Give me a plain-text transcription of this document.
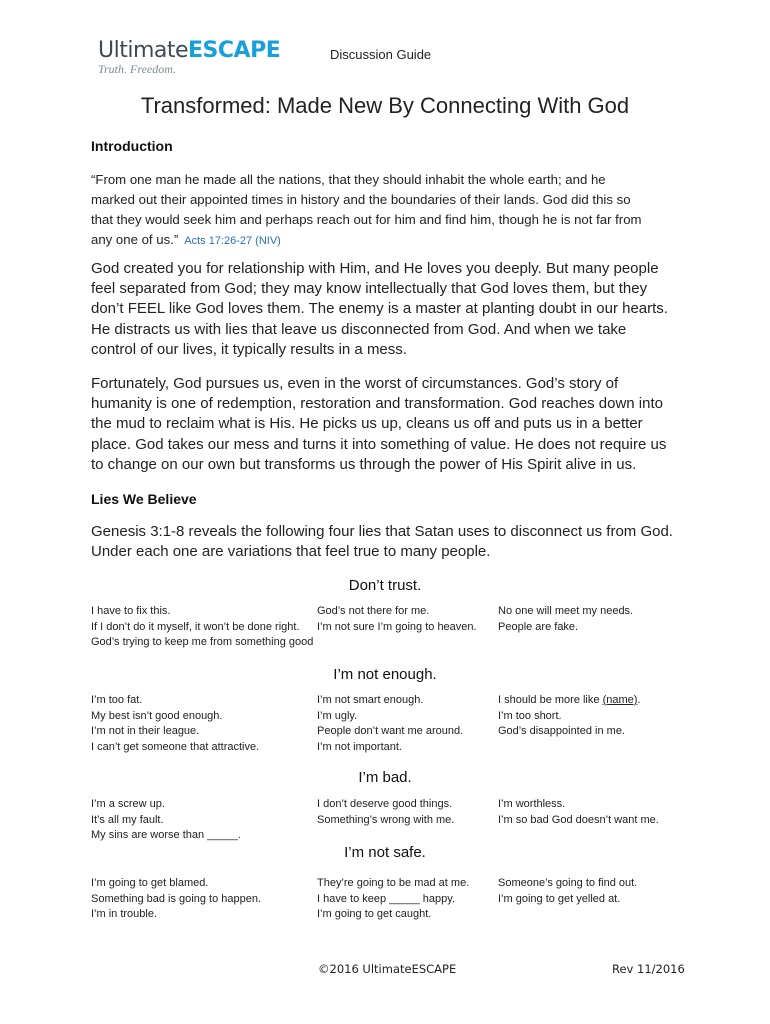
UltimateESCAPE
Truth. Freedom.
Discussion Guide
Transformed: Made New By Connecting With God
Introduction
“From one man he made all the nations, that they should inhabit the whole earth; and he
marked out their appointed times in history and the boundaries of their lands. God did this so
that they would seek him and perhaps reach out for him and find him, though he is not far from
any one of us.” Acts 17:26-27 (NIV)
God created you for relationship with Him, and He loves you deeply. But many people
feel separated from God; they may know intellectually that God loves them, but they
don’t FEEL like God loves them. The enemy is a master at planting doubt in our hearts.
He distracts us with lies that leave us disconnected from God. And when we take
control of our lives, it typically results in a mess.
Fortunately, God pursues us, even in the worst of circumstances. God’s story of
humanity is one of redemption, restoration and transformation. God reaches down into
the mud to reclaim what is His. He picks us up, cleans us off and puts us in a better
place. God takes our mess and turns it into something of value. He does not require us
to change on our own but transforms us through the power of His Spirit alive in us.
Lies We Believe
Genesis 3:1-8 reveals the following four lies that Satan uses to disconnect us from God.
Under each one are variations that feel true to many people.
Don’t trust.
I have to fix this.
If I don’t do it myself, it won’t be done right.
God’s trying to keep me from something good
God’s not there for me.
I’m not sure I’m going to heaven.
No one will meet my needs.
People are fake.
I’m not enough.
I’m too fat.
My best isn’t good enough.
I’m not in their league.
I can’t get someone that attractive.
I’m not smart enough.
I’m ugly.
People don’t want me around.
I’m not important.
I should be more like (name).
I’m too short.
God’s disappointed in me.
I’m bad.
I’m a screw up.
It’s all my fault.
My sins are worse than _____.
I don’t deserve good things.
Something’s wrong with me.
I’m worthless.
I’m so bad God doesn’t want me.
I’m not safe.
I’m going to get blamed.
Something bad is going to happen.
I’m in trouble.
They’re going to be mad at me.
I have to keep _____ happy.
I’m going to get caught.
Someone’s going to find out.
I’m going to get yelled at.
©2016 UltimateESCAPE	Rev 11/2016
